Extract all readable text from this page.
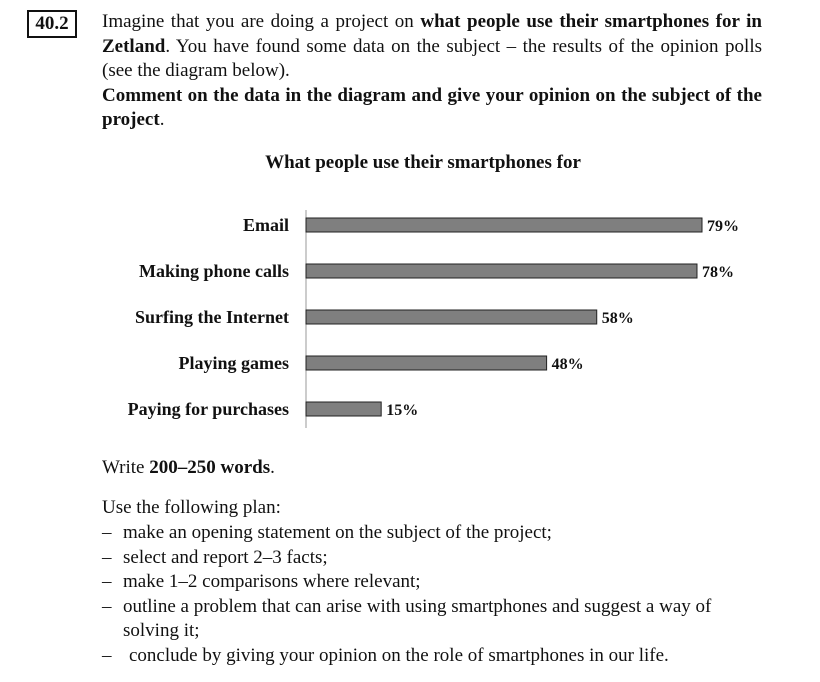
40.2	Imagine that you are doing a project on what people use their smartphones for in Zetland. You have found some data on the subject – the results of the opinion polls (see the diagram below).
Comment on the data in the diagram and give your opinion on the subject of the project.

What people use their smartphones for
Email	79%
Making phone calls	78%
Surfing the Internet	58%
Playing games	48%
Paying for purchases	15%

Write 200–250 words.

Use the following plan:

– make an opening statement on the subject of the project;
– select and report 2–3 facts;
– make 1–2 comparisons where relevant;
– outline a problem that can arise with using smartphones and suggest a way of solving it;
– conclude by giving your opinion on the role of smartphones in our life.
